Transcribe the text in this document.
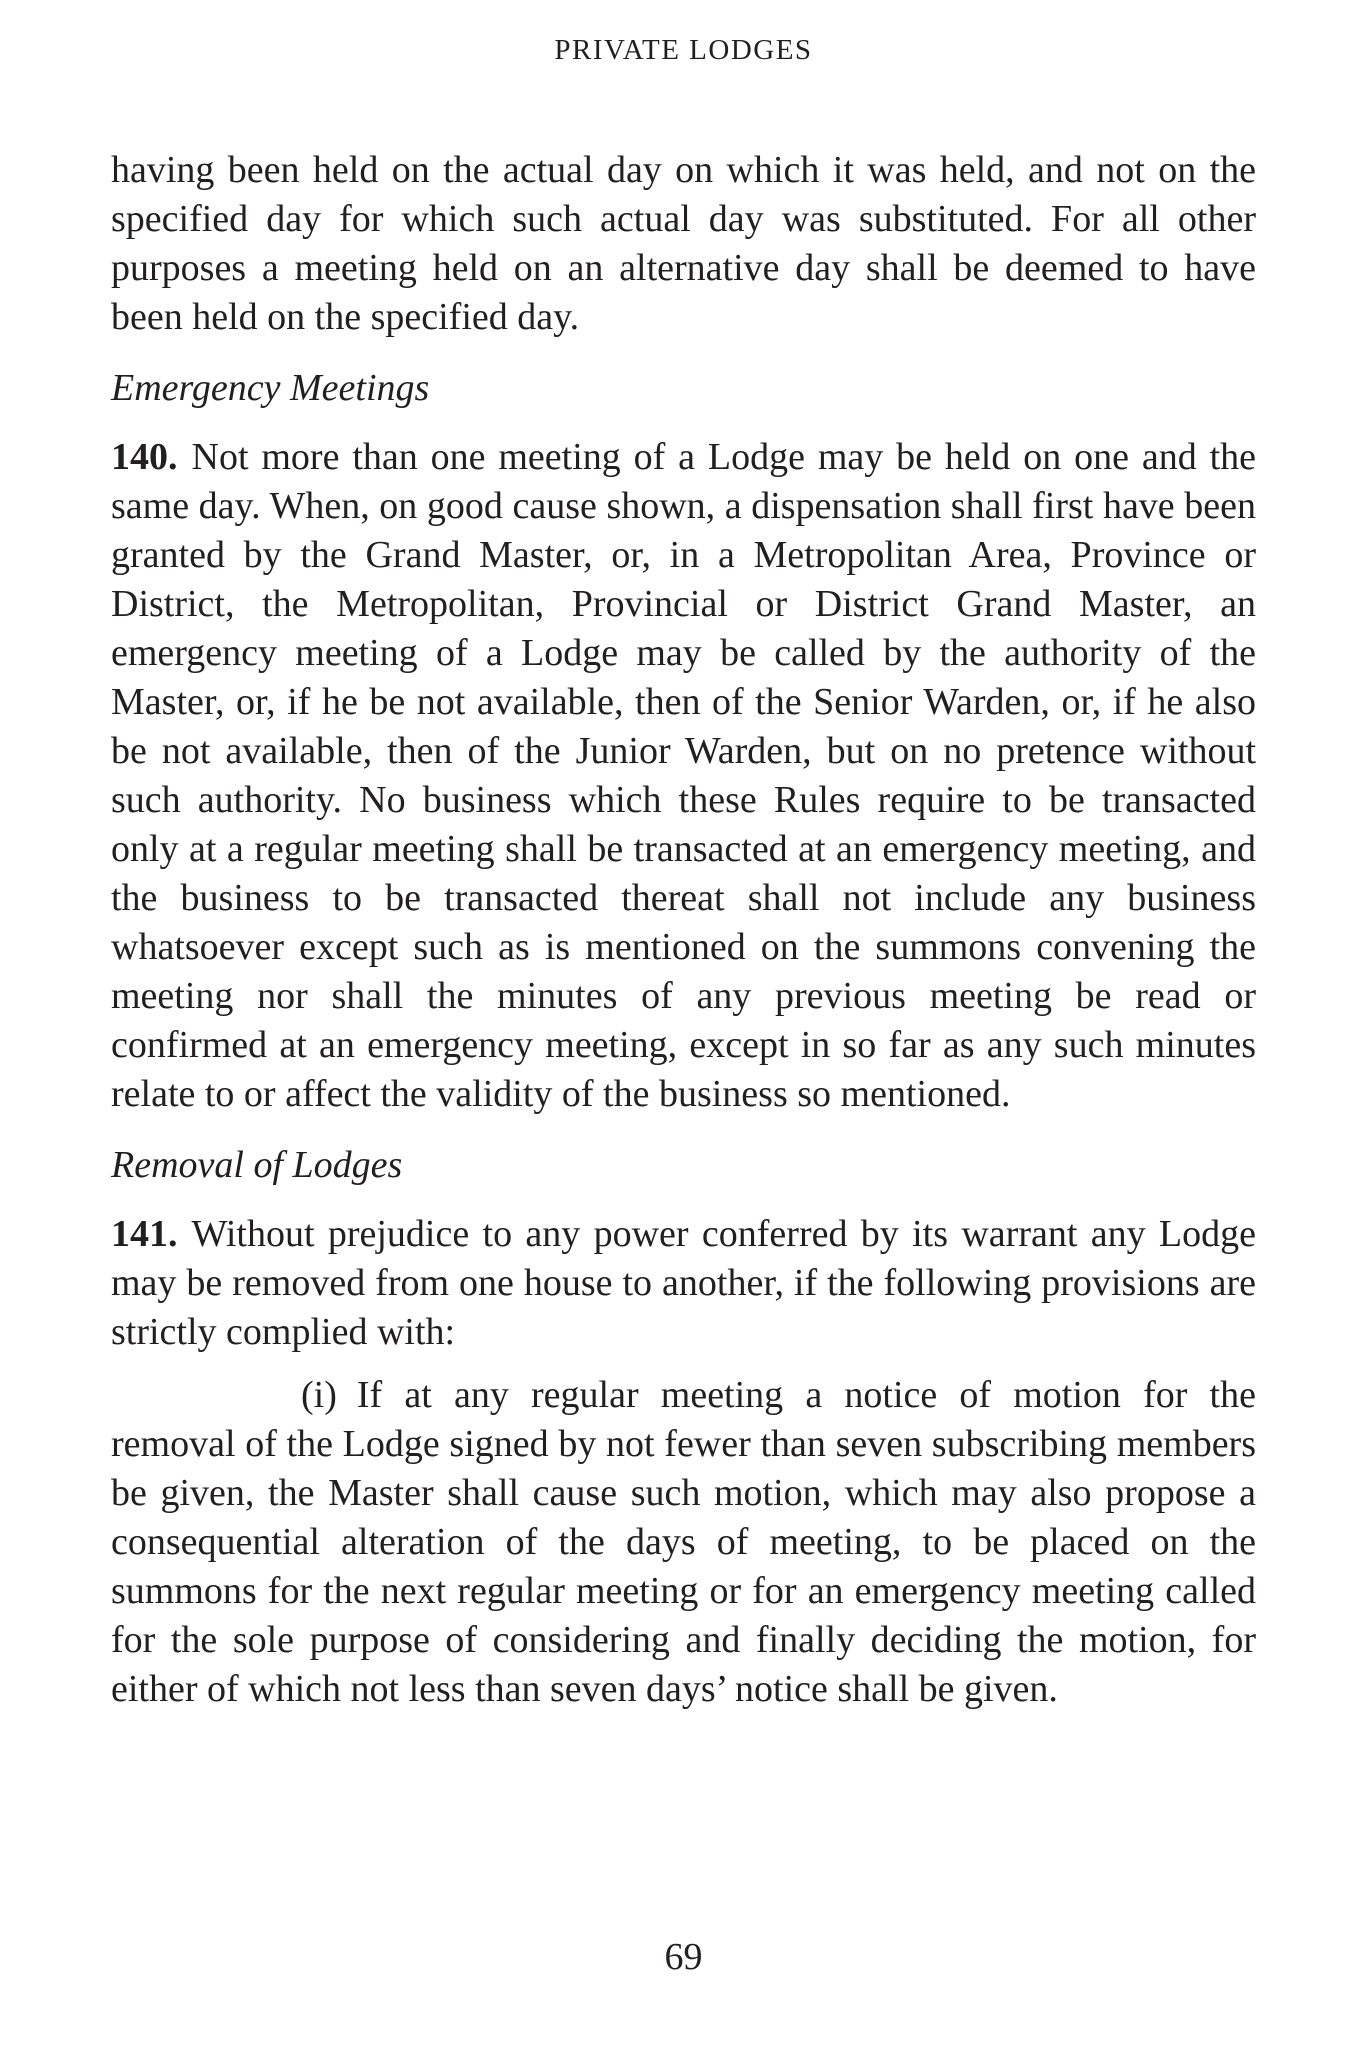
PRIVATE LODGES

having been held on the actual day on which it was held, and not on the specified day for which such actual day was substituted. For all other purposes a meeting held on an alternative day shall be deemed to have been held on the specified day.

Emergency Meetings

140. Not more than one meeting of a Lodge may be held on one and the same day. When, on good cause shown, a dispensation shall first have been granted by the Grand Master, or, in a Metropolitan Area, Province or District, the Metropolitan, Provincial or District Grand Master, an emergency meeting of a Lodge may be called by the authority of the Master, or, if he be not available, then of the Senior Warden, or, if he also be not available, then of the Junior Warden, but on no pretence without such authority. No business which these Rules require to be transacted only at a regular meeting shall be transacted at an emergency meeting, and the business to be transacted thereat shall not include any business whatsoever except such as is mentioned on the summons convening the meeting nor shall the minutes of any previous meeting be read or confirmed at an emergency meeting, except in so far as any such minutes relate to or affect the validity of the business so mentioned.

Removal of Lodges

141. Without prejudice to any power conferred by its warrant any Lodge may be removed from one house to another, if the following provisions are strictly complied with:

(i) If at any regular meeting a notice of motion for the removal of the Lodge signed by not fewer than seven subscribing members be given, the Master shall cause such motion, which may also propose a consequential alteration of the days of meeting, to be placed on the summons for the next regular meeting or for an emergency meeting called for the sole purpose of considering and finally deciding the motion, for either of which not less than seven days’ notice shall be given.

69
